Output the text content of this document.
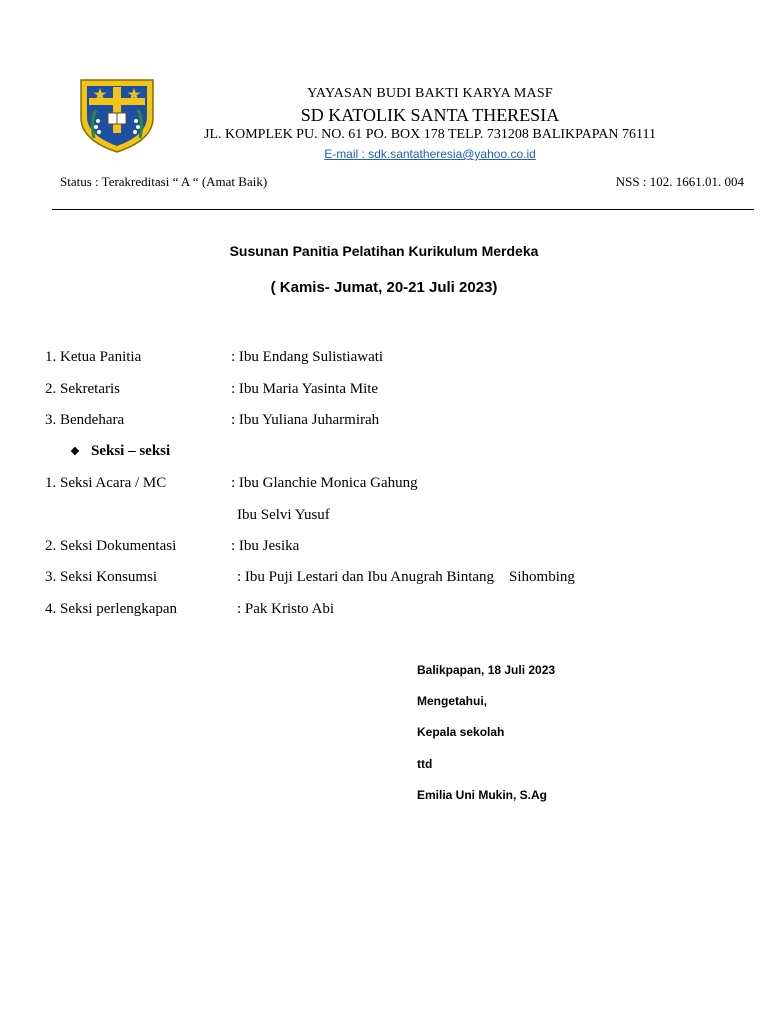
YAYASAN BUDI BAKTI KARYA MASF
SD KATOLIK SANTA THERESIA
JL. KOMPLEK PU. NO. 61 PO. BOX 178 TELP. 731208 BALIKPAPAN 76111
E-mail : sdk.santatheresia@yahoo.co.id
Status : Terakreditasi “ A “ (Amat Baik)	NSS : 102. 1661.01. 004
Susunan Panitia Pelatihan Kurikulum Merdeka
( Kamis- Jumat, 20-21 Juli 2023)
1. Ketua Panitia	: Ibu Endang Sulistiawati
2. Sekretaris	: Ibu Maria Yasinta Mite
3. Bendehara	: Ibu Yuliana Juharmirah
❖ Seksi – seksi
1. Seksi Acara / MC	: Ibu Glanchie Monica Gahung
Ibu Selvi Yusuf
2. Seksi Dokumentasi	: Ibu Jesika
3. Seksi Konsumsi	: Ibu Puji Lestari dan Ibu Anugrah Bintang    Sihombing
4. Seksi perlengkapan	: Pak Kristo Abi
Balikpapan, 18 Juli 2023
Mengetahui,
Kepala sekolah
ttd
Emilia Uni Mukin, S.Ag
